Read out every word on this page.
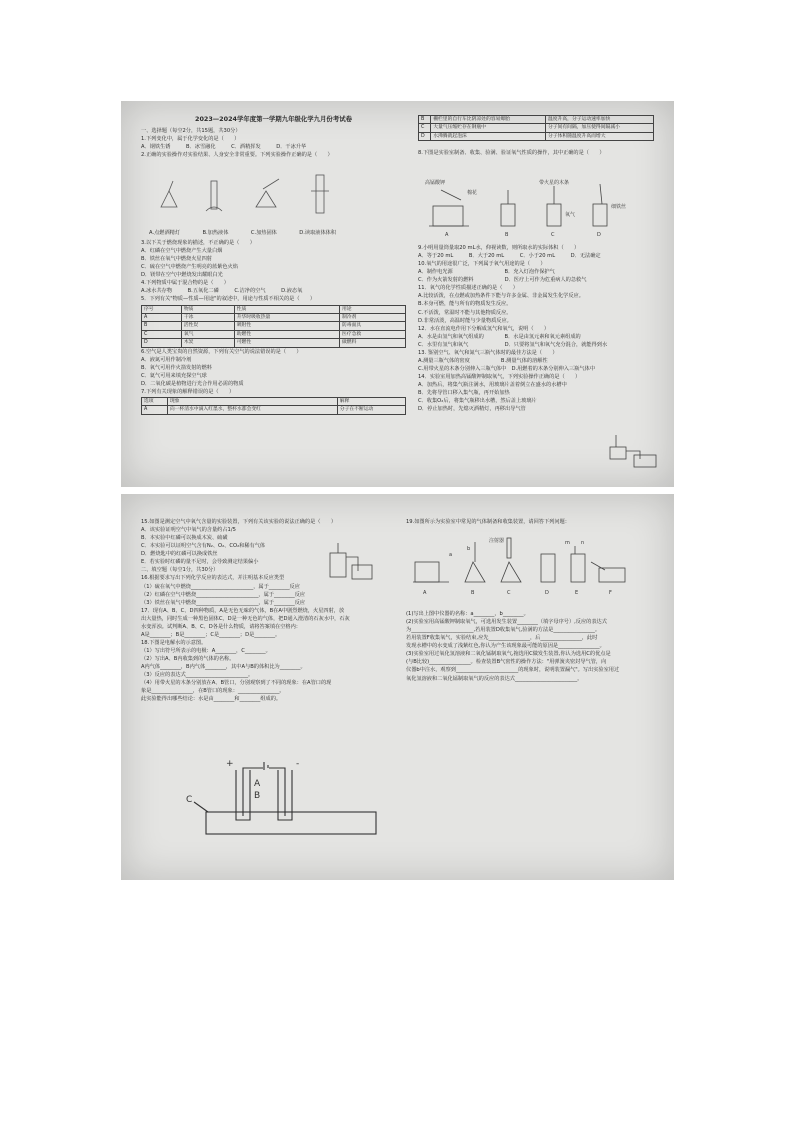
2023—2024学年度第一学期九年级化学九月份考试卷

一、选择题（每空2分，共15题，共30分）

1.下列变化中，属于化学变化的是（　　）

A．钢铁生锈　　　B．冰雪融化　　　C．酒精挥发　　　D．干冰升华

2.正确的实验操作对实验结果、人身安全非常重要。下列实验操作正确的是（　　）

A.点燃酒精灯　　　　	B.加热液体　　　　	C.加热固体　　　　	D.读取液体体积

3.以下关于燃烧现象的描述，不正确的是（　　）

A．红磷在空气中燃烧产生大量白烟

B．铁丝在氧气中燃烧火星四射

C．硫在空气中燃烧产生明亮的蓝紫色火焰

D．镁带在空气中燃烧发出耀眼白光

4.下列物质中属于混合物的是（　　）

A.冰水共存物　　　B.五氧化二磷　　　C.洁净的空气　　　D.液态氧

5．下列有关"物质—性质—用途"的叙述中，用途与性质不相关的是（　　）

序号	物质	性质	用途
A	干冰	升华时吸收热量	制冷剂
B	活性炭	吸附性	防毒面具
C	氧气	助燃性	医疗急救
D	木炭	可燃性	做燃料

6.空气是人类宝贵的自然资源，下列有关空气的说法错误的是（　　）

A．液氮可用作制冷剂

B．氧气可用作火箭发射的燃料

C．氦气可用来填充探空气球

D．二氧化碳是植物进行光合作用必需的物质

7.下列有关现象的解释错误的是（　　）

选项	现象	解释
A	向一杯清水中滴入红墨水，整杯水都会变红	分子在不断运动
B	栅栏里的自行车比阴凉处的容易爆胎	温度升高，分子运动速率加快
C	大量气压缩贮存在钢瓶中	分子间有间隔，加压使得间隔减小
D	水沸腾就起泡沫	分子体积随温度升高而增大

8.下图是实验室制备、收集、验满、验证氧气性质的操作，其中正确的是（　　）

高锰酸钾
棉花
带火星的木条
氧气
细铁丝
A	B	C	D

9.小明用量筒量取20 mL水，仰视读数，则所取水的实际体积（　　）

A．等于20 mL　　　B．大于20 mL　　　C．小于20 mL　　　D．无法确定

10.氧气的用途很广泛，下列属于氧气用途的是（　　）

A．制作电光源　　　　　　　　　　B．充入灯泡作保护气

C．作为火箭发射的燃料　　　　　　D．医疗上可作为危重病人的急救气

11．氧气的化学性质描述正确的是（　　）

A.比较活泼，在点燃或加热条件下能与许多金属、非金属发生化学反应。

B.本身可燃，能与所有的物质发生反应。

C.不活泼，常温时不能与其他物质反应。

D.非常活泼，高温时能与少量物质反应。

12．水在直流电作用下分解成氢气和氧气，说明（　　）

A．水是由氢气和氧气组成的　　　　B．水是由氢元素和氧元素组成的

C．水里有氢气和氧气　　　　　　　D．只要将氢气和氧气充分混合，就能得到水

13. 鉴别空气、氧气和氮气三瓶气体时的最佳方法是（　　）

A.测量三瓶气体的密度　　　　　　B.测量气体的溶解性

C.用带火星的木条分别伸入三瓶气体中　D.用燃着的木条分别伸入三瓶气体中

14．实验室用加热高锰酸钾制取氧气，下列实验操作正确的是（　　）

A．加热后，将集气瓶注满水，用玻璃片盖着倒立在盛水的水槽中

B．先将导管口移入集气瓶，再开始加热

C．收集O₂后，将集气瓶移出水槽，然后盖上玻璃片

D．停止加热时，先熄灭酒精灯，再移出导气管

15.如图是测定空气中氧气含量的实验装置，下列有关该实验的说法正确的是（　　）

A．该实验证明空气中氧气的含量约占1/5

B．本实验中红磷可以换成木炭、硫磺

C．本实验可以证明空气含有N₂、O₂、CO₂和稀有气体

D．燃烧匙中的红磷可以换成铁丝

E．若实验时红磷的量不足时，会导致测定结果偏小

二、填空题（每空1分，共30分）

16.根据要求写出下列化学反应的表达式，并注明基本反应类型

（1）硫在氧气中燃烧________________________，属于________反应

（2）红磷在空气中燃烧________________________，属于________反应

（3）铁丝在氧气中燃烧________________________，属于________反应

17．现有A、B、C、D四种物质，A是无色无味的气体，B在A中剧烈燃烧，火星四射，放

出大量热，同时生成一种黑色固体C，D是一种无色的气体，把D通入澄清的石灰水中，石灰

水变浑浊。试判断A、B、C、D各是什么物质，请将答案填在空格内：

A是________；B是________；C是________；D是________。

18.下图是电解水的示意图。

（1）写出符号所表示的电极：A________，C________。

（2）写出A、B内收集到的气体的名称。

A内气体________，B内气体________，其中A与B的体积比为________。

（3）反应的表达式________________________。

（4）用带火星的木条分别放在A、B管口，分别观察到了不同的现象：在A管口的现

象是________________，在B管口的现象：________________。

此实验能得出哪些结论：水是由________和________组成的。

+	-
A
B
C

19.如图所示为实验室中常见的气体制备和收集装置，请回答下列问题：

a
b
注射器	m n
A	B	C	D	E	F

(1)写出上图中仪器的名称：a________，b________。

(2)实验室用高锰酸钾制取氧气，可选用发生装置________（填字母序号）,反应的表达式

为________________________,若用装置D收集氧气,验满的方法是________________。

若用装置F收集氧气，实验结束,应先________________，后________________，此时

发现水槽中的水变成了浅紫红色,你认为产生该现象最可能的原因是________________。

(3)实验室用过氧化氢溶液和二氧化锰制取氧气,拖选用C做发生装置,你认为选用C的优点是

(与B比较)________________。检查装置B气密性的操作方法："用弹簧夹密封导气管，向

仪器b中注水，观察到________________________的现象时，说明装置漏气"。写出实验室用过

氧化氢溶液和二氧化锰制取氧气的反应的表达式________________________。
